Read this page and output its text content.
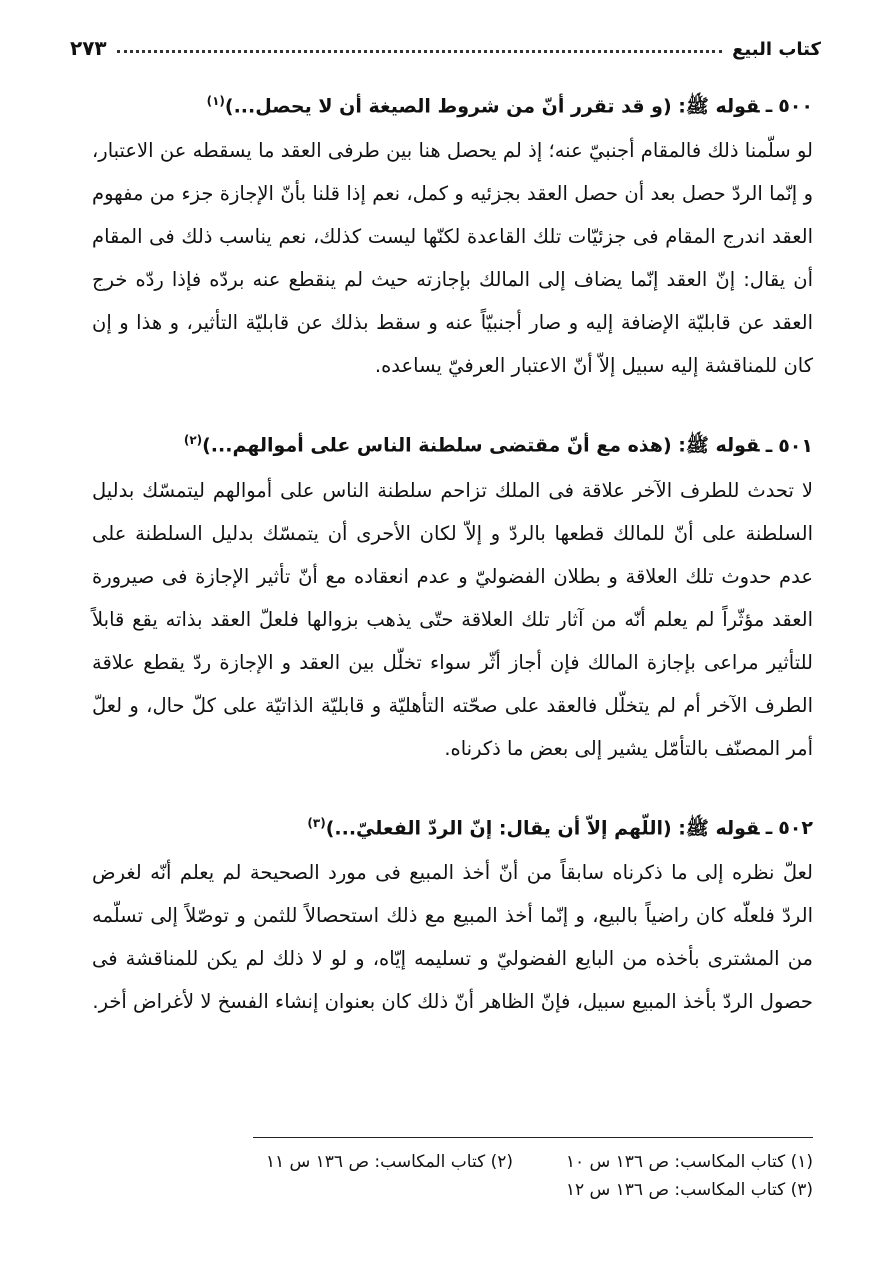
كتاب البيع
٢٧٣

٥٠٠ـقوله ﷺ: (و قد تقرر أنّ من شروط الصيغة أن لا يحصل...)$^{(١)}$

لو سلّمنا ذلك فالمقام أجنبيّ عنه؛ إذ لم يحصل هنا بين طرفى العقد ما يسقطه عن الاعتبار، و إنّما الردّ حصل بعد أن حصل العقد بجزئيه و كمل، نعم إذا قلنا بأنّ الإجازة جزء من مفهوم العقد اندرج المقام فى جزئيّات تلك القاعدة لكنّها ليست كذلك، نعم يناسب ذلك فى المقام أن يقال: إنّ العقد إنّما يضاف إلى المالك بإجازته حيث لم ينقطع عنه بردّه فإذا ردّه خرج العقد عن قابليّة الإضافة إليه و صار أجنبيّاً عنه و سقط بذلك عن قابليّة التأثير، و هذا و إن كان للمناقشة إليه سبيل إلاّ أنّ الاعتبار العرفيّ يساعده.

٥٠١ـقوله ﷺ: (هذه مع أنّ مقتضى سلطنة الناس على أموالهم...)$^{(٢)}$

لا تحدث للطرف الآخر علاقة فى الملك تزاحم سلطنة الناس على أموالهم ليتمسّك بدليل السلطنة على أنّ للمالك قطعها بالردّ و إلاّ لكان الأحرى أن يتمسّك بدليل السلطنة على عدم حدوث تلك العلاقة و بطلان الفضوليّ و عدم انعقاده مع أنّ تأثير الإجازة فى صيرورة العقد مؤثّراً لم يعلم أنّه من آثار تلك العلاقة حتّى يذهب بزوالها فلعلّ العقد بذاته يقع قابلاً للتأثير مراعى بإجازة المالك فإن أجاز أثّر سواء تخلّل بين العقد و الإجازة ردّ يقطع علاقة الطرف الآخر أم لم يتخلّل فالعقد على صحّته التأهليّة و قابليّة الذاتيّة على كلّ حال، و لعلّ أمر المصنّف بالتأمّل يشير إلى بعض ما ذكرناه.

٥٠٢ـقوله ﷺ: (اللّهم إلاّ أن يقال: إنّ الردّ الفعليّ...)$^{(٣)}$

لعلّ نظره إلى ما ذكرناه سابقاً من أنّ أخذ المبيع فى مورد الصحيحة لم يعلم أنّه لغرض الردّ فلعلّه كان راضياً بالبيع، و إنّما أخذ المبيع مع ذلك استحصالاً للثمن و توصّلاً إلى تسلّمه من المشترى بأخذه من البايع الفضوليّ و تسليمه إيّاه، و لو لا ذلك لم يكن للمناقشة فى حصول الردّ بأخذ المبيع سبيل، فإنّ الظاهر أنّ ذلك كان بعنوان إنشاء الفسخ لا لأغراض أخر.

(١) كتاب المكاسب: ص ١٣٦ س ١٠
(٢) كتاب المكاسب: ص ١٣٦ س ١١
(٣) كتاب المكاسب: ص ١٣٦ س ١٢
